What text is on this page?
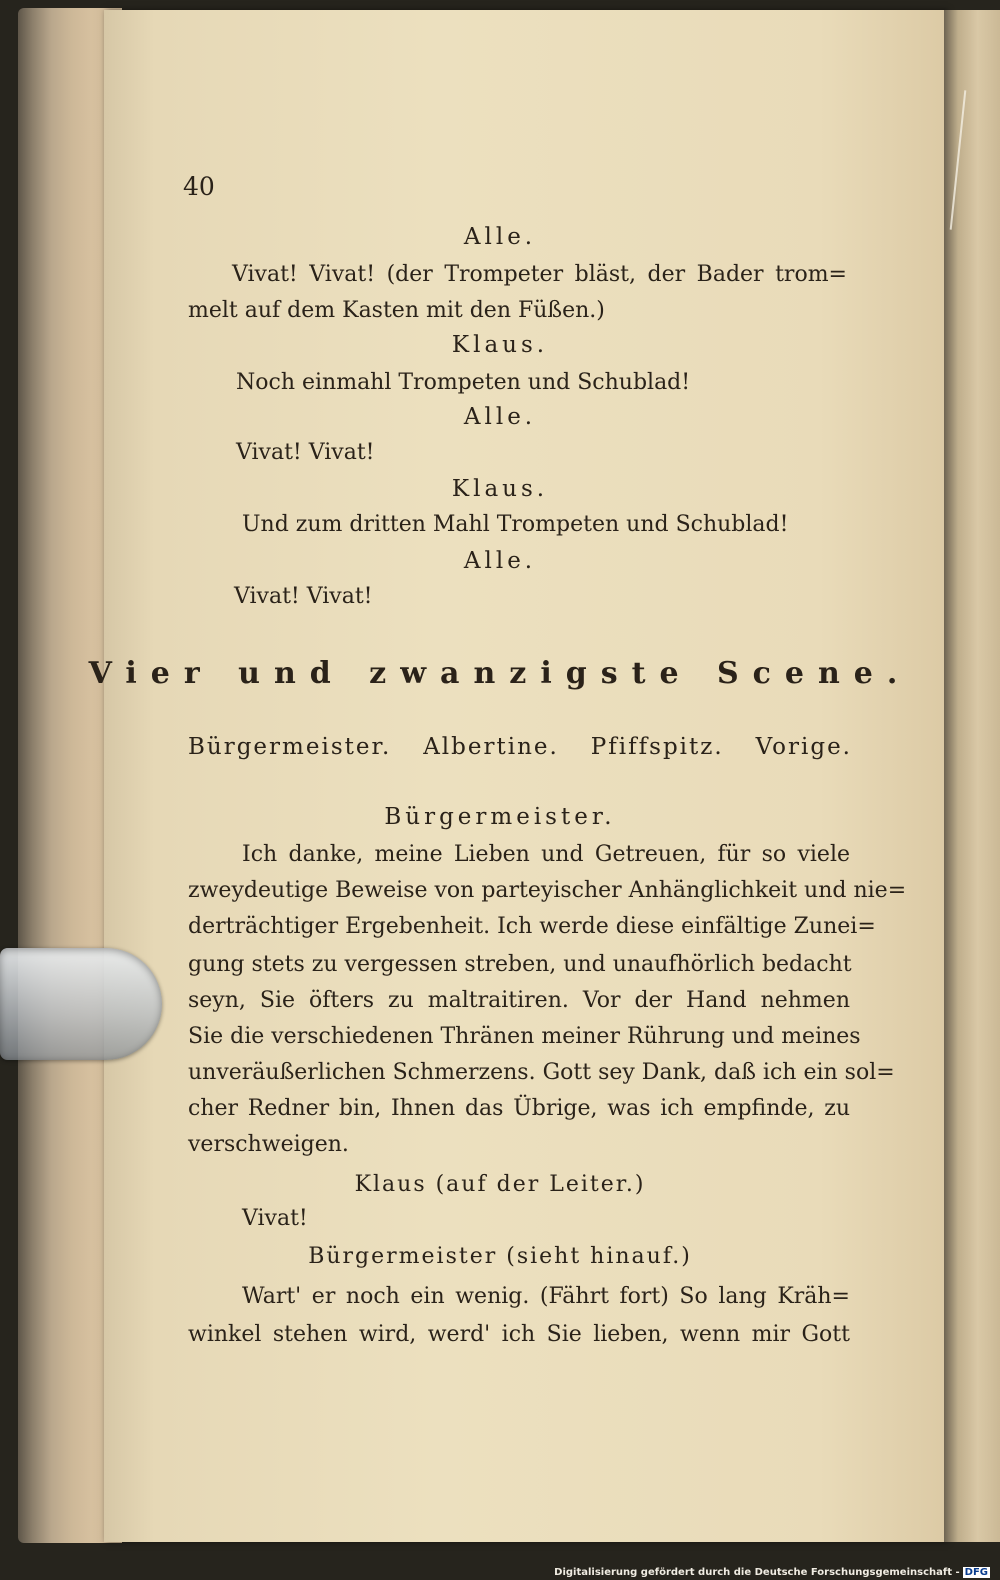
40
Alle.
Vivat! Vivat! (der Trompeter bläst, der Bader trom=
melt auf dem Kasten mit den Füßen.)
Klaus.
Noch einmahl Trompeten und Schublad!
Alle.
Vivat! Vivat!
Klaus.
Und zum dritten Mahl Trompeten und Schublad!
Alle.
Vivat! Vivat!
Vier und zwanzigste Scene.
Bürgermeister. Albertine. Pfiffspitz. Vorige.
Bürgermeister.
Ich danke, meine Lieben und Getreuen, für so viele
zweydeutige Beweise von parteyischer Anhänglichkeit und nie=
derträchtiger Ergebenheit. Ich werde diese einfältige Zunei=
gung stets zu vergessen streben, und unaufhörlich bedacht
seyn, Sie öfters zu maltraitiren. Vor der Hand nehmen
Sie die verschiedenen Thränen meiner Rührung und meines
unveräußerlichen Schmerzens. Gott sey Dank, daß ich ein sol=
cher Redner bin, Ihnen das Übrige, was ich empfinde, zu
verschweigen.
Klaus (auf der Leiter.)
Vivat!
Bürgermeister (sieht hinauf.)
Wart' er noch ein wenig. (Fährt fort) So lang Kräh=
winkel stehen wird, werd' ich Sie lieben, wenn mir Gott
Digitalisierung gefördert durch die Deutsche Forschungsgemeinschaft - DFG
